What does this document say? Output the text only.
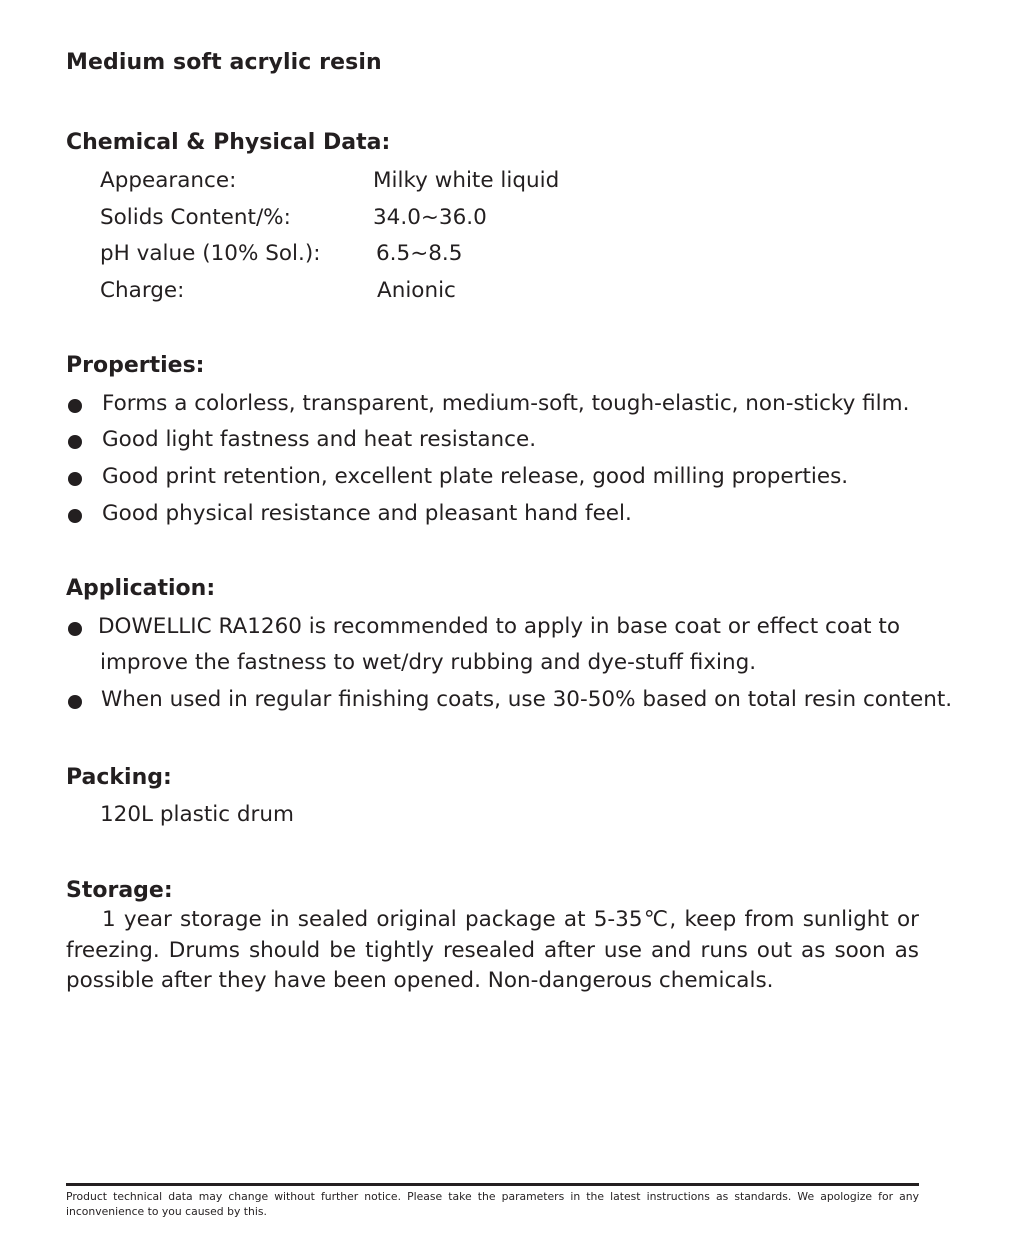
Medium soft acrylic resin
Chemical & Physical Data:
Appearance:	Milky white liquid
Solids Content/%:	34.0~36.0
pH value (10% Sol.):	6.5~8.5
Charge:	Anionic
Properties:
Forms a colorless, transparent, medium-soft, tough-elastic, non-sticky film.
Good light fastness and heat resistance.
Good print retention, excellent plate release, good milling properties.
Good physical resistance and pleasant hand feel.
Application:
DOWELLIC RA1260 is recommended to apply in base coat or effect coat to
improve the fastness to wet/dry rubbing and dye-stuff fixing.
When used in regular finishing coats, use 30-50% based on total resin content.
Packing:
120L plastic drum
Storage:
1 year storage in sealed original package at 5-35℃, keep from sunlight or freezing. Drums should be tightly resealed after use and runs out as soon as possible after they have been opened. Non-dangerous chemicals.
Product technical data may change without further notice. Please take the parameters in the latest instructions as standards. We apologize for any inconvenience to you caused by this.
